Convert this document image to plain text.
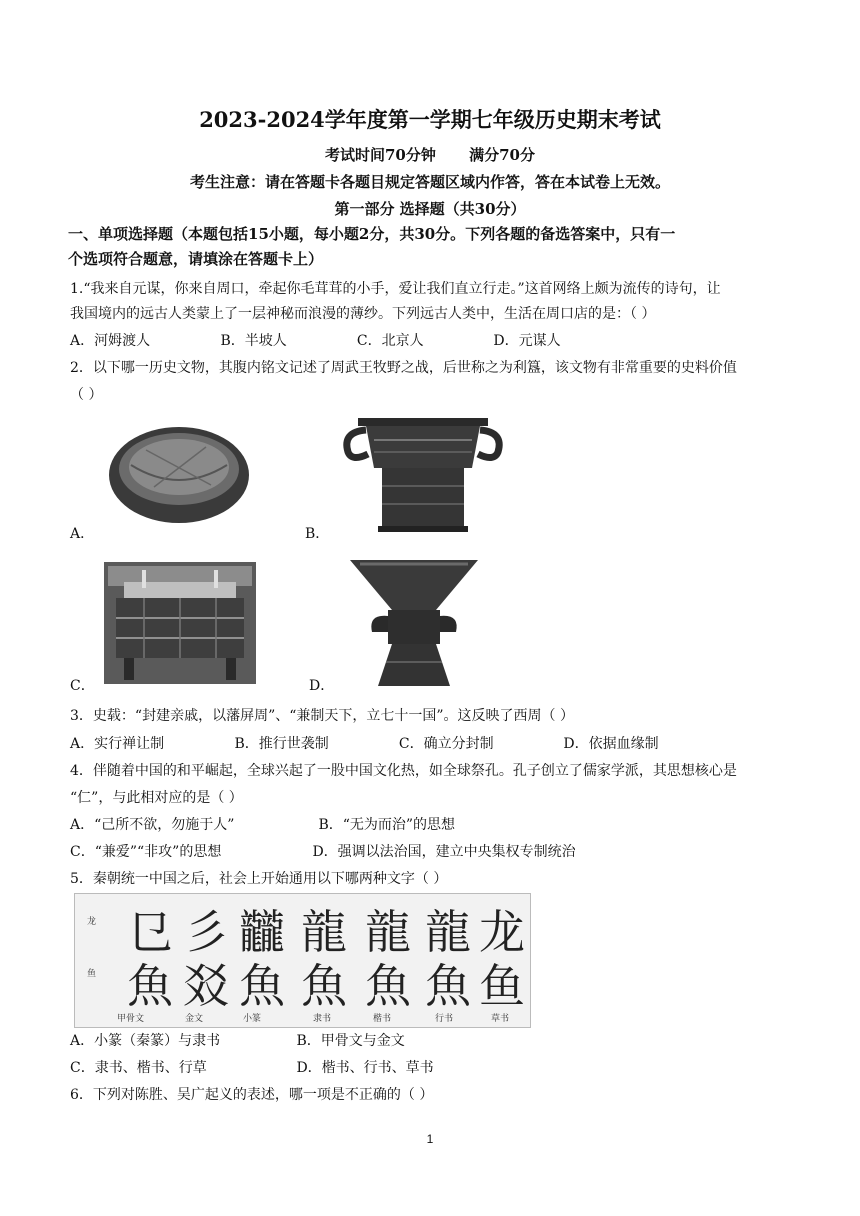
2023-2024学年度第一学期七年级历史期末考试
考试时间70分钟 满分70分
考生注意：请在答题卡各题目规定答题区域内作答，答在本试卷上无效。
第一部分 选择题（共30分）
一、单项选择题（本题包括15小题，每小题2分，共30分。下列各题的备选答案中，只有一
个选项符合题意，请填涂在答题卡上）
1.“我来自元谋，你来自周口，牵起你毛茸茸的小手，爱让我们直立行走。”这首网络上颇为流传的诗句，让
我国境内的远古人类蒙上了一层神秘而浪漫的薄纱。下列远古人类中，生活在周口店的是：（ ）
A．河姆渡人	B．半坡人	C．北京人	D．元谋人
2．以下哪一历史文物，其腹内铭文记述了周武王牧野之战，后世称之为利簋，该文物有非常重要的史料价值
（ ）
A．	B．
C．	D．
3．史载：“封建亲戚，以藩屏周”、“兼制天下，立七十一国”。这反映了西周（ ）
A．实行禅让制	B．推行世袭制	C．确立分封制	D．依据血缘制
4．伴随着中国的和平崛起，全球兴起了一股中国文化热，如全球祭孔。孔子创立了儒家学派，其思想核心是
“仁”，与此相对应的是（ ）
A．“己所不欲，勿施于人”	B．“无为而治”的思想
C．“兼爱”“非攻”的思想	D．强调以法治国，建立中央集权专制统治
5．秦朝统一中国之后，社会上开始通用以下哪两种文字（ ）
龙
鱼
㔾 彡 龖 龍 龍 龍 龙
魚 㸚 魚 魚 魚 魚 鱼
甲骨文	金文	小篆	隶书	楷书	行书	草书
A．小篆（秦篆）与隶书	B．甲骨文与金文
C．隶书、楷书、行草	D．楷书、行书、草书
6．下列对陈胜、吴广起义的表述，哪一项是不正确的（ ）
1
